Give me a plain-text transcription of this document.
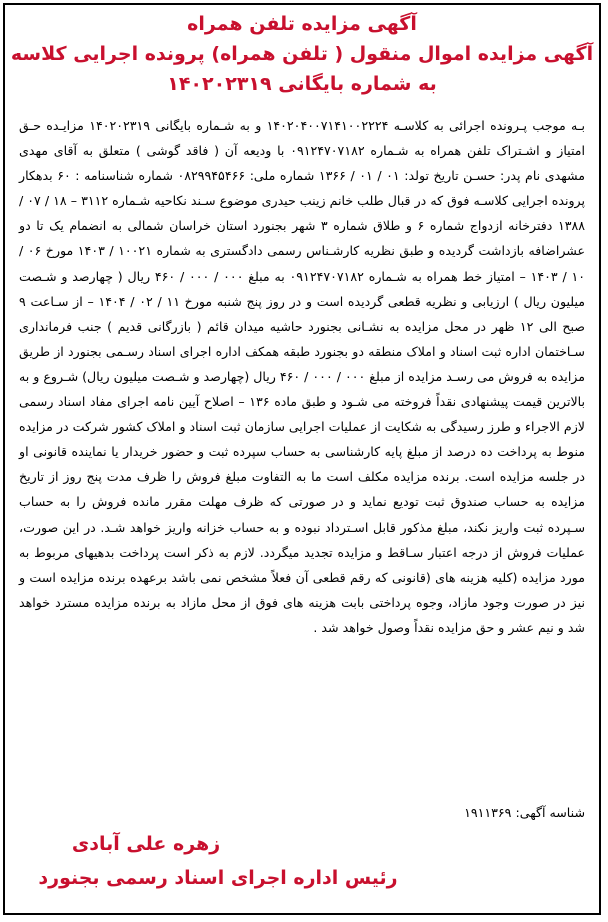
آگهی مزایده تلفن همراه
آگهی مزایده اموال منقول ( تلفن همراه) پرونده اجرایی کلاسه
به شماره بایگانی ۱۴۰۲۰۲۳۱۹
بـه موجب پـرونده اجرائی به کلاسـه ۱۴۰۲۰۴۰۰۷۱۴۱۰۰۲۲۲۴ و به شـماره بایگانی ۱۴۰۲۰۲۳۱۹ مزایـده حـق امتیاز و اشـتراک تلفن همراه به شـماره ۰۹۱۲۴۷۰۷۱۸۲ با ودیعه آن ( فاقد گوشی ) متعلق به آقای مهدی مشهدی نام پدر: حسـن تاریخ تولد: ۰۱ / ۰۱ / ۱۳۶۶ شماره ملی: ۰۸۲۹۹۴۵۴۶۶ شماره شناسنامه : ۶۰ بدهکار پرونده اجرایی کلاسـه فوق که در قبال طلب خانم زینب حیدری موضوع سـند نکاحیه شـماره ۳۱۱۲ – ۱۸ / ۰۷ / ۱۳۸۸ دفترخانه ازدواج شماره ۶ و طلاق شماره ۳ شهر بجنورد استان خراسان شمالی به انضمام یک تا دو عشراضافه بازداشت گردیده و طبق نظریه کارشـناس رسمی دادگستری به شماره ۱۰۰۲۱ / ۱۴۰۳ مورخ ۰۶ / ۱۰ / ۱۴۰۳ – امتیاز خط همراه به شـماره ۰۹۱۲۴۷۰۷۱۸۲ به مبلغ ۰۰۰ / ۰۰۰ / ۴۶۰ ریال ( چهارصد و شـصت میلیون ریال ) ارزیابی و نظریه قطعی گردیده است و در روز پنج شنبه مورخ ۱۱ / ۰۲ / ۱۴۰۴ – از سـاعت ۹ صبح الی ۱۲ ظهر در محل مزایده به نشـانی بجنورد حاشیه میدان قائم ( بازرگانی قدیم ) جنب فرمانداری سـاختمان اداره ثبت اسناد و املاک منطقه دو بجنورد طبقه همکف اداره اجرای اسناد رسـمی بجنورد از طریق مزایده به فروش می رسـد مزایده از مبلغ ۰۰۰ / ۰۰۰ / ۴۶۰ ریال (چهارصد و شـصت میلیون ریال) شـروع و به بالاترین قیمت پیشنهادی نقداً فروخته می شـود و طبق ماده ۱۳۶ – اصلاح آیین نامه اجرای مفاد اسناد رسمی لازم الاجراء و طرز رسیدگی به شکایت از عملیات اجرایی سازمان ثبت اسناد و املاک کشور شرکت در مزایده منوط به پرداخت ده درصد از مبلغ پایه کارشناسی به حساب سپرده ثبت و حضور خریدار یا نماینده قانونی او در جلسه مزایده است. برنده مزایده مکلف است ما به التفاوت مبلغ فروش را ظرف مدت پنج روز از تاریخ مزایده به حساب صندوق ثبت تودیع نماید و در صورتی که ظرف مهلت مقرر مانده فروش را به حساب سـپرده ثبت واریز نکند، مبلغ مذکور قابل اسـترداد نبوده و به حساب خزانه واریز خواهد شـد. در این صورت، عملیات فروش از درجه اعتبار سـاقط و مزایده تجدید میگردد. لازم به ذکر است پرداخت بدهیهای مربوط به مورد مزایده (کلیه هزینه های (قانونی که رقم قطعی آن فعلاً مشخص نمی باشد برعهده برنده مزایده است و نیز در صورت وجود مازاد، وجوه پرداختی بابت هزینه های فوق از محل مازاد به برنده مزایده مسترد خواهد شد و نیم عشر و حق مزایده نقداً وصول خواهد شد .
شناسه آگهی: ۱۹۱۱۳۶۹
زهره علی آبادی
رئیس اداره اجرای اسناد رسمی بجنورد
